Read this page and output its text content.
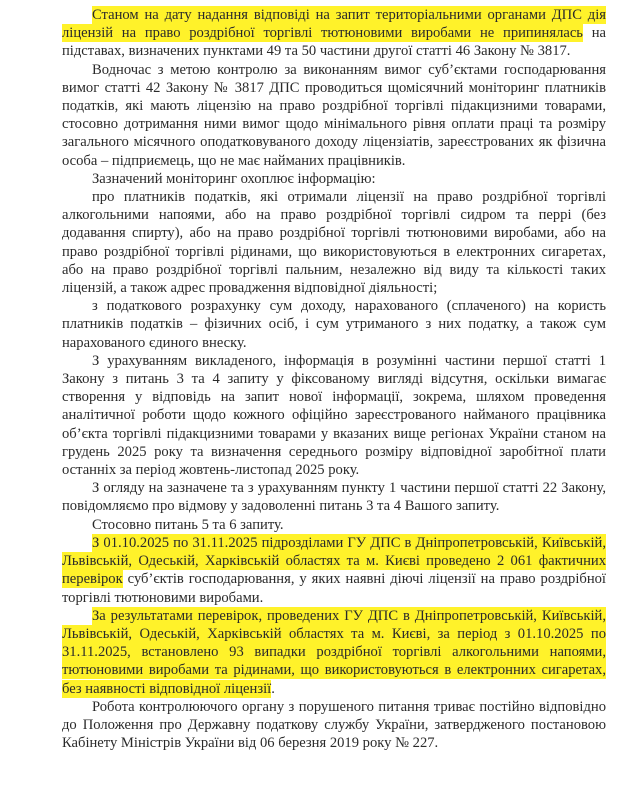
Станом на дату надання відповіді на запит територіальними органами ДПС дія ліцензій на право роздрібної торгівлі тютюновими виробами не припинялась на підставах, визначених пунктами 49 та 50 частини другої статті 46 Закону № 3817.

Водночас з метою контролю за виконанням вимог суб’єктами господарювання вимог статті 42 Закону № 3817 ДПС проводиться щомісячний моніторинг платників податків, які мають ліцензію на право роздрібної торгівлі підакцизними товарами, стосовно дотримання ними вимог щодо мінімального рівня оплати праці та розміру загального місячного оподатковуваного доходу ліцензіатів, зареєстрованих як фізична особа – підприємець, що не має найманих працівників.

Зазначений моніторинг охоплює інформацію:

про платників податків, які отримали ліцензії на право роздрібної торгівлі алкогольними напоями, або на право роздрібної торгівлі сидром та перрі (без додавання спирту), або на право роздрібної торгівлі тютюновими виробами, або на право роздрібної торгівлі рідинами, що використовуються в електронних сигаретах, або на право роздрібної торгівлі пальним, незалежно від виду та кількості таких ліцензій, а також адрес провадження відповідної діяльності;

з податкового розрахунку сум доходу, нарахованого (сплаченого) на користь платників податків – фізичних осіб, і сум утриманого з них податку, а також сум нарахованого єдиного внеску.

З урахуванням викладеного, інформація в розумінні частини першої статті 1 Закону з питань 3 та 4 запиту у фіксованому вигляді відсутня, оскільки вимагає створення у відповідь на запит нової інформації, зокрема, шляхом проведення аналітичної роботи щодо кожного офіційно зареєстрованого найманого працівника об’єкта торгівлі підакцизними товарами у вказаних вище регіонах України станом на грудень 2025 року та визначення середнього розміру відповідної заробітної плати останніх за період жовтень-листопад 2025 року.

З огляду на зазначене та з урахуванням пункту 1 частини першої статті 22 Закону, повідомляємо про відмову у задоволенні питань 3 та 4 Вашого запиту.

Стосовно питань 5 та 6 запиту.

З 01.10.2025 по 31.11.2025 підрозділами ГУ ДПС в Дніпропетровській, Київській, Львівській, Одеській, Харківській областях та м. Києві проведено 2 061 фактичних перевірок суб’єктів господарювання, у яких наявні діючі ліцензії на право роздрібної торгівлі тютюновими виробами.

За результатами перевірок, проведених ГУ ДПС в Дніпропетровській, Київській, Львівській, Одеській, Харківській областях та м. Києві, за період з 01.10.2025 по 31.11.2025, встановлено 93 випадки роздрібної торгівлі алкогольними напоями, тютюновими виробами та рідинами, що використовуються в електронних сигаретах, без наявності відповідної ліцензії.

Робота контролюючого органу з порушеного питання триває постійно відповідно до Положення про Державну податкову службу України, затвердженого постановою Кабінету Міністрів України від 06 березня 2019 року № 227.
